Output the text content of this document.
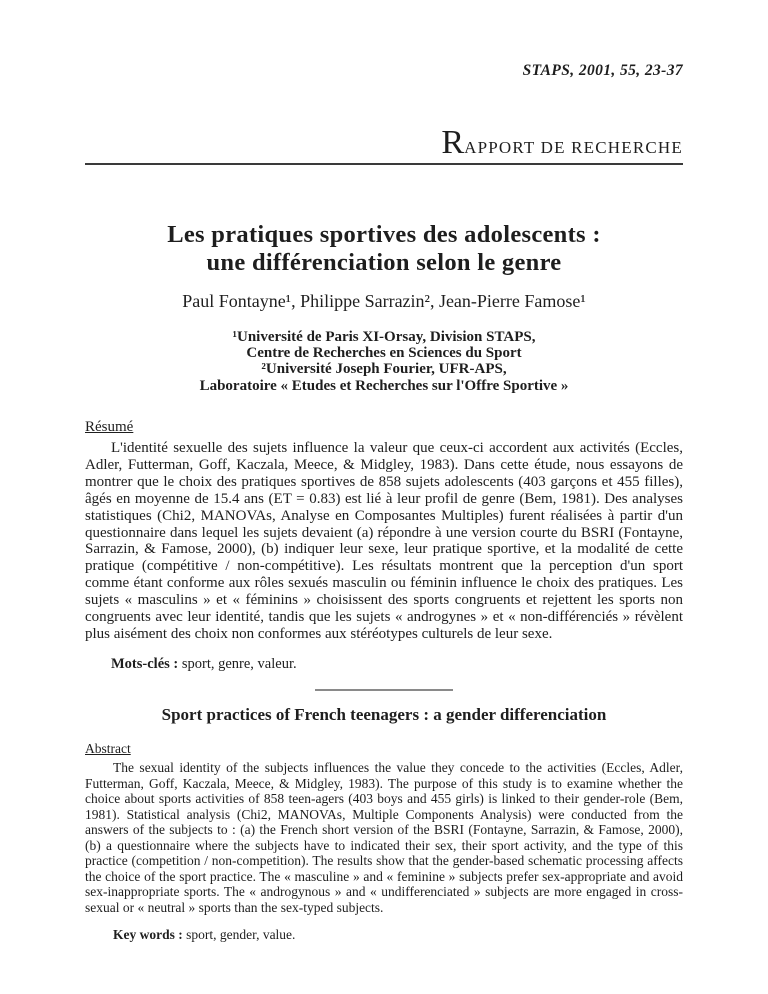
STAPS, 2001, 55, 23-37
RAPPORT DE RECHERCHE
Les pratiques sportives des adolescents :
une différenciation selon le genre
Paul Fontayne¹, Philippe Sarrazin², Jean-Pierre Famose¹
¹Université de Paris XI-Orsay, Division STAPS,
Centre de Recherches en Sciences du Sport
²Université Joseph Fourier, UFR-APS,
Laboratoire « Etudes et Recherches sur l'Offre Sportive »
Résumé

L'identité sexuelle des sujets influence la valeur que ceux-ci accordent aux activités (Eccles, Adler, Futterman, Goff, Kaczala, Meece, & Midgley, 1983). Dans cette étude, nous essayons de montrer que le choix des pratiques sportives de 858 sujets adolescents (403 garçons et 455 filles), âgés en moyenne de 15.4 ans (ET = 0.83) est lié à leur profil de genre (Bem, 1981). Des analyses statistiques (Chi2, MANOVAs, Analyse en Composantes Multiples) furent réalisées à partir d'un questionnaire dans lequel les sujets devaient (a) répondre à une version courte du BSRI (Fontayne, Sarrazin, & Famose, 2000), (b) indiquer leur sexe, leur pratique sportive, et la modalité de cette pratique (compétitive / non-compétitive). Les résultats montrent que la perception d'un sport comme étant conforme aux rôles sexués masculin ou féminin influence le choix des pratiques. Les sujets « masculins » et « féminins » choisissent des sports congruents et rejettent les sports non congruents avec leur identité, tandis que les sujets « androgynes » et « non-différenciés » révèlent plus aisément des choix non conformes aux stéréotypes culturels de leur sexe.

Mots-clés : sport, genre, valeur.
Sport practices of French teenagers : a gender differenciation
Abstract

The sexual identity of the subjects influences the value they concede to the activities (Eccles, Adler, Futterman, Goff, Kaczala, Meece, & Midgley, 1983). The purpose of this study is to examine whether the choice about sports activities of 858 teen-agers (403 boys and 455 girls) is linked to their gender-role (Bem, 1981). Statistical analysis (Chi2, MANOVAs, Multiple Components Analysis) were conducted from the answers of the subjects to : (a) the French short version of the BSRI (Fontayne, Sarrazin, & Famose, 2000), (b) a questionnaire where the subjects have to indicated their sex, their sport activity, and the type of this practice (competition / non-competition). The results show that the gender-based schematic processing affects the choice of the sport practice. The « masculine » and « feminine » subjects prefer sex-appropriate and avoid sex-inappropriate sports. The « androgynous » and « undifferenciated » subjects are more engaged in cross-sexual or « neutral » sports than the sex-typed subjects.

Key words : sport, gender, value.
